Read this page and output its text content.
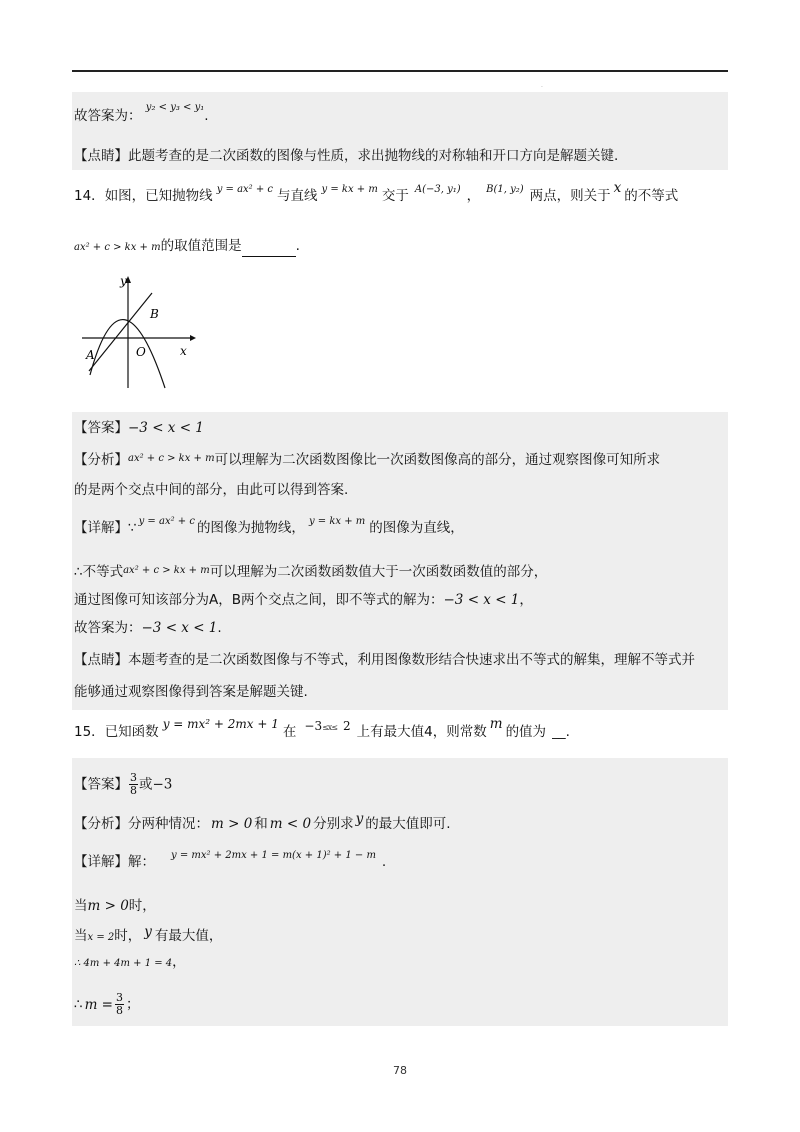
.
故答案为： $^{y_2 < y_3 < y_1}$.
【点睛】此题考查的是二次函数的图像与性质，求出抛物线的对称轴和开口方向是解题关键.
14．如图，已知抛物线 $^{y = ax^2 + c}$ 与直线 $^{y = kx + m}$ 交于 $^{A(-3, y_1)}$ ， $^{B(1, y_2)}$ 两点，则关于 x 的不等式
ax² + c > kx + m的取值范围是	.
y
x
O
A
B
【答案】−3 < x < 1
【分析】$^{ax^2 + c > kx + m}$可以理解为二次函数图像比一次函数图像高的部分，通过观察图像可知所求
的是两个交点中间的部分，由此可以得到答案.
【详解】∵ $^{y = ax^2 + c}$ 的图像为抛物线， $^{y = kx + m}$ 的图像为直线，
∴不等式$^{ax^2 + c > kx + m}$可以理解为二次函数函数值大于一次函数函数值的部分，
通过图像可知该部分为A，B两个交点之间，即不等式的解为：−3 < x < 1，
故答案为：−3 < x < 1.
【点睛】本题考查的是二次函数图像与不等式，利用图像数形结合快速求出不等式的解集，理解不等式并
能够通过观察图像得到答案是解题关键.
15．已知函数 y = mx² + 2mx + 1 在 $-3^{\le x\le}$ 2 上有最大值4，则常数 m 的值为 __.
【答案】 $\frac{3}{8}$ 或−3
【分析】分两种情况： m > 0 和 m < 0 分别求 y 的最大值即可.
【详解】解： $^{y = mx^2 + 2mx + 1 = m(x + 1)^2 + 1 - m}$ .
当m > 0时，
当x = 2时， y 有最大值，
∴ 4m + 4m + 1 = 4，
∴ $m = \frac{3}{8}$ ；
78
